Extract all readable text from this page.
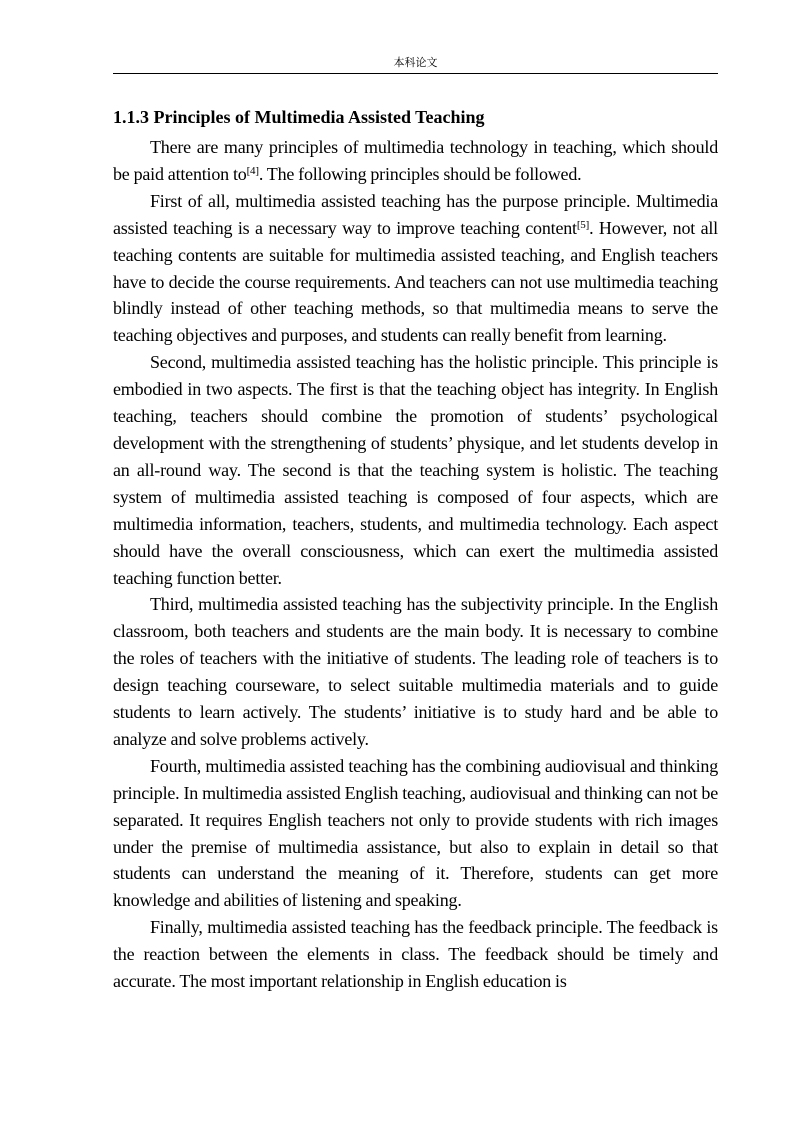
本科论文
1.1.3 Principles of Multimedia Assisted Teaching

There are many principles of multimedia technology in teaching, which should be paid attention to[4]. The following principles should be followed.

First of all, multimedia assisted teaching has the purpose principle. Multimedia assisted teaching is a necessary way to improve teaching content[5]. However, not all teaching contents are suitable for multimedia assisted teaching, and English teachers have to decide the course requirements. And teachers can not use multimedia teaching blindly instead of other teaching methods, so that multimedia means to serve the teaching objectives and purposes, and students can really benefit from learning.

Second, multimedia assisted teaching has the holistic principle. This principle is embodied in two aspects. The first is that the teaching object has integrity. In English teaching, teachers should combine the promotion of students’ psychological development with the strengthening of students’ physique, and let students develop in an all-round way. The second is that the teaching system is holistic. The teaching system of multimedia assisted teaching is composed of four aspects, which are multimedia information, teachers, students, and multimedia technology. Each aspect should have the overall consciousness, which can exert the multimedia assisted teaching function better.

Third, multimedia assisted teaching has the subjectivity principle. In the English classroom, both teachers and students are the main body. It is necessary to combine the roles of teachers with the initiative of students. The leading role of teachers is to design teaching courseware, to select suitable multimedia materials and to guide students to learn actively. The students’ initiative is to study hard and be able to analyze and solve problems actively.

Fourth, multimedia assisted teaching has the combining audiovisual and thinking principle. In multimedia assisted English teaching, audiovisual and thinking can not be separated. It requires English teachers not only to provide students with rich images under the premise of multimedia assistance, but also to explain in detail so that students can understand the meaning of it. Therefore, students can get more knowledge and abilities of listening and speaking.

Finally, multimedia assisted teaching has the feedback principle. The feedback is the reaction between the elements in class. The feedback should be timely and accurate. The most important relationship in English education is
